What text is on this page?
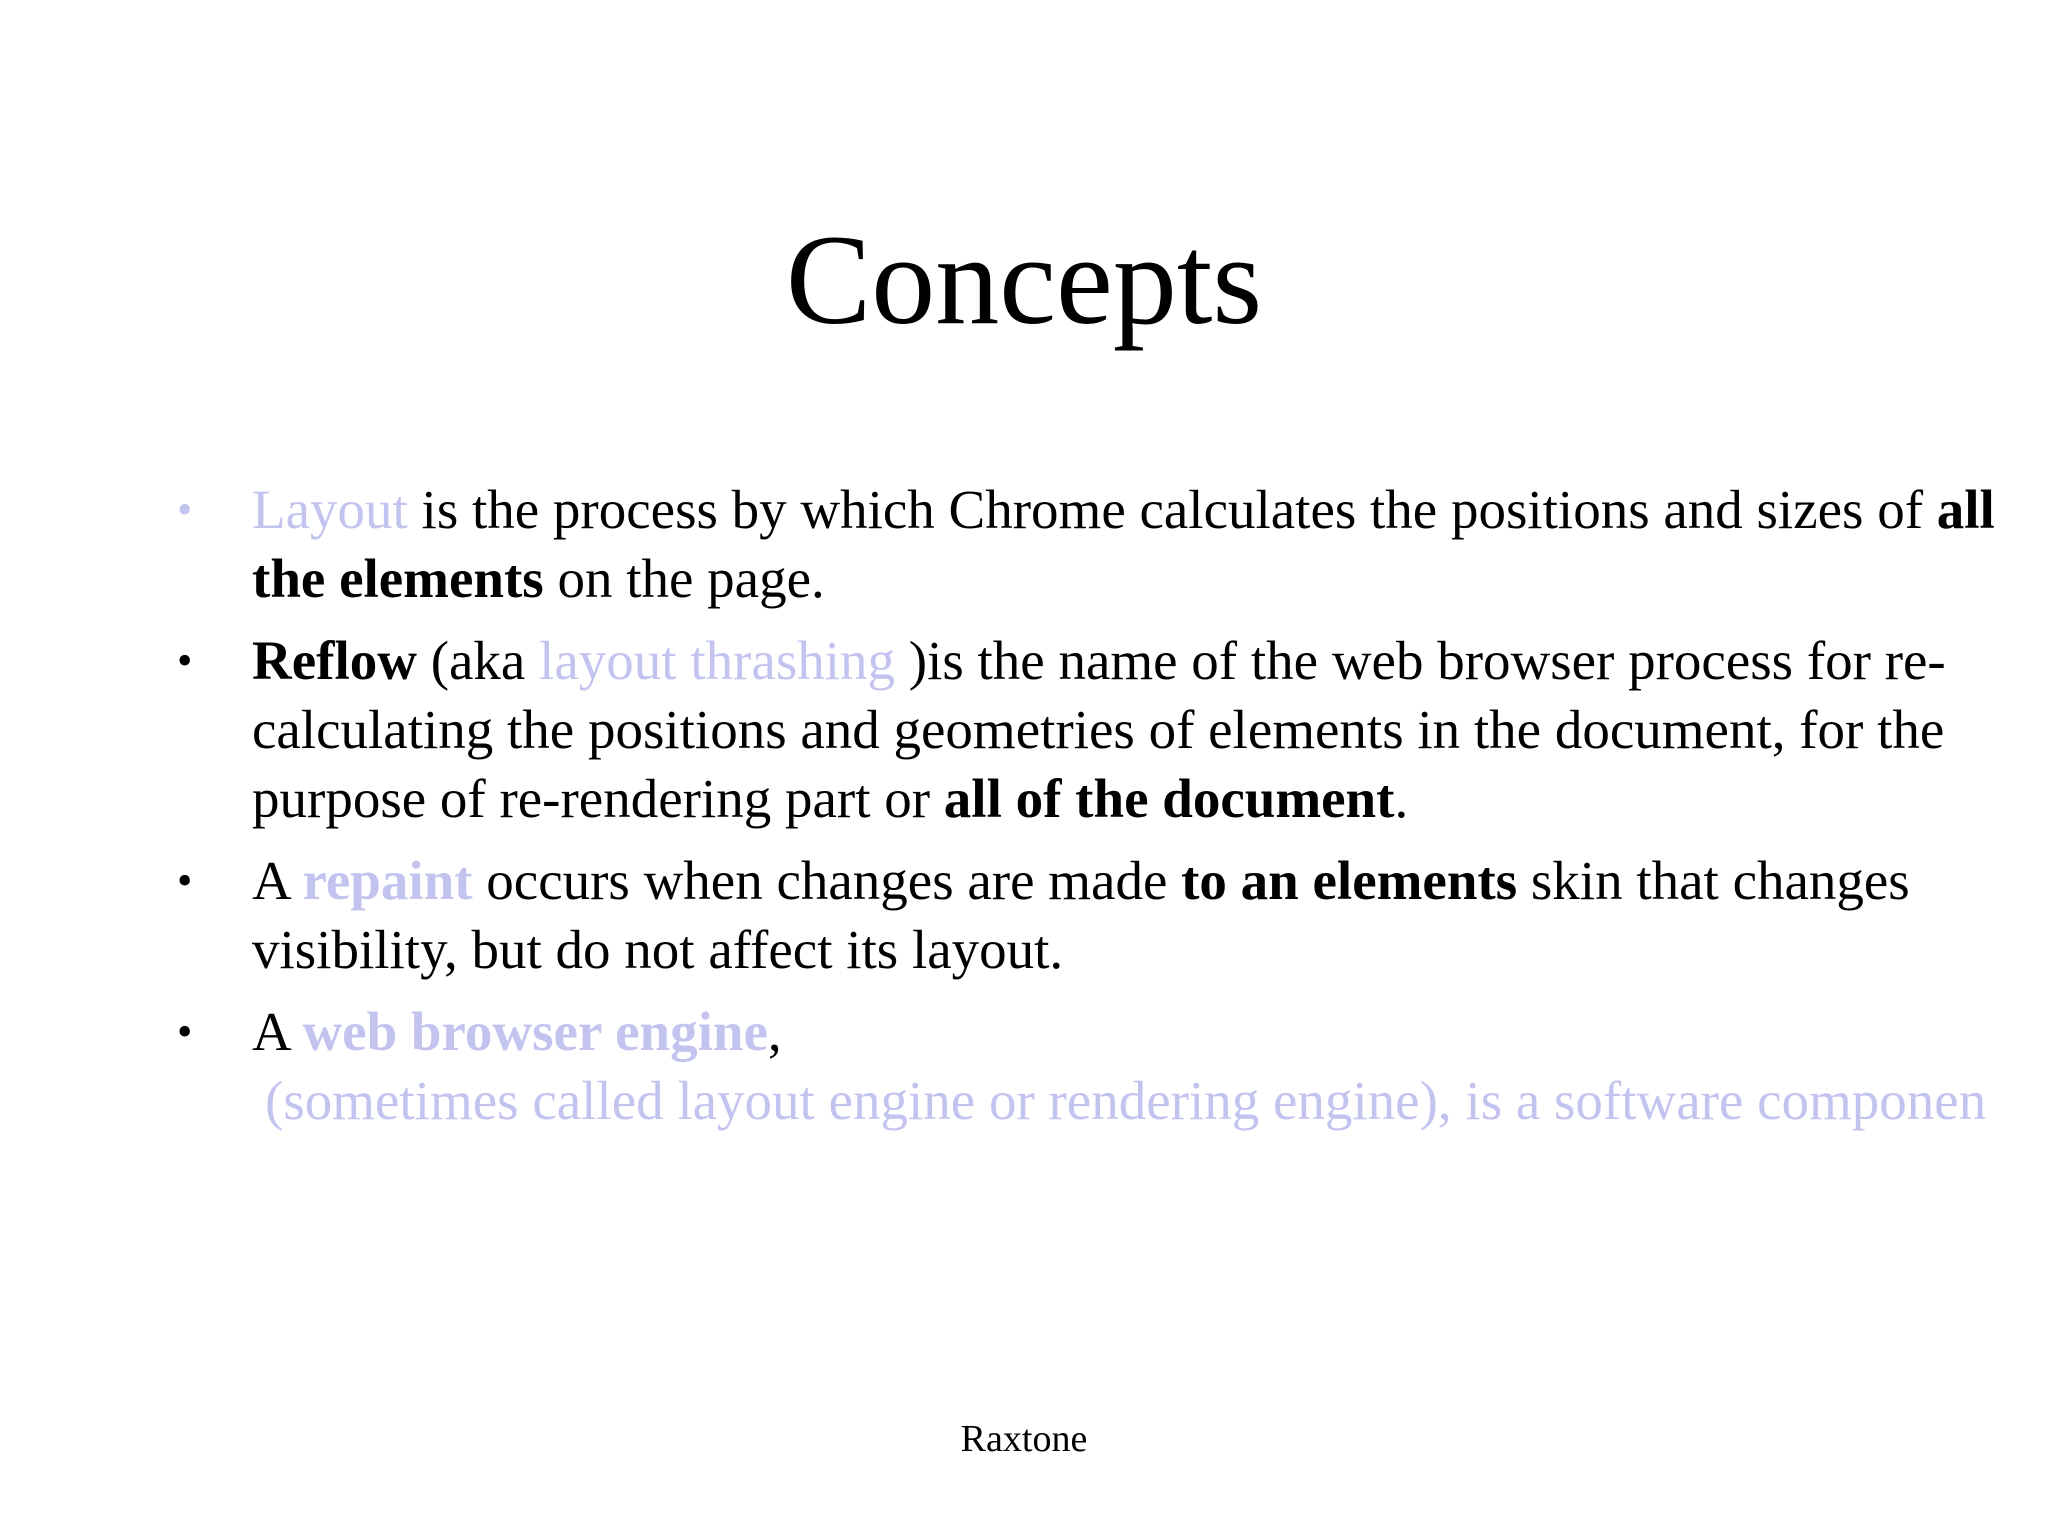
Concepts
• Layout is the process by which Chrome calculates the positions and sizes of all the elements on the page.
• Reflow (aka layout thrashing )is the name of the web browser process for re-calculating the positions and geometries of elements in the document, for the purpose of re-rendering part or all of the document.
• A repaint occurs when changes are made to an elements skin that changes visibility, but do not affect its layout.
• A web browser engine,
(sometimes called layout engine or rendering engine), is a software componen
Raxtone
